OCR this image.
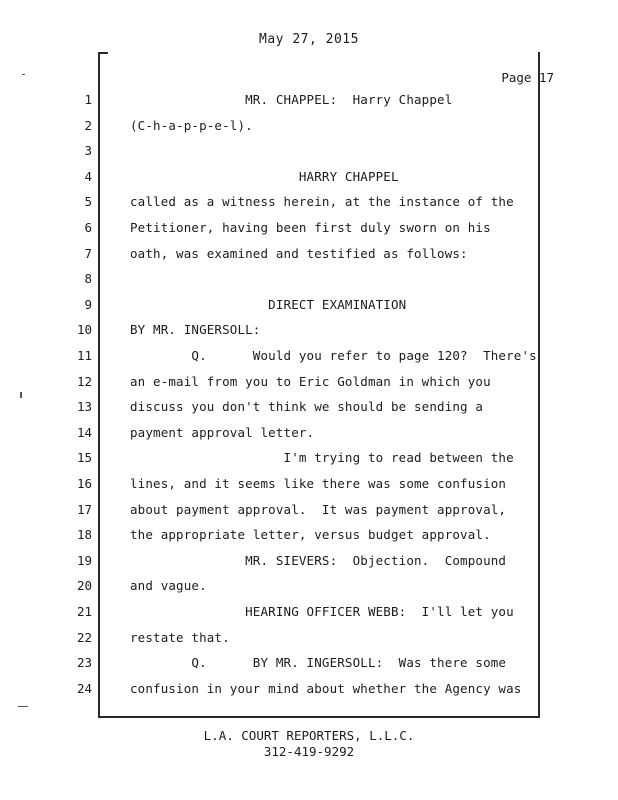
May 27, 2015
Page 17
1	MR. CHAPPEL:  Harry Chappel
2	(C-h-a-p-p-e-l).
3
4	HARRY CHAPPEL
5	called as a witness herein, at the instance of the
6	Petitioner, having been first duly sworn on his
7	oath, was examined and testified as follows:
8
9	DIRECT EXAMINATION
10	BY MR. INGERSOLL:
11	Q.      Would you refer to page 120?  There's
12	an e-mail from you to Eric Goldman in which you
13	discuss you don't think we should be sending a
14	payment approval letter.
15	I'm trying to read between the
16	lines, and it seems like there was some confusion
17	about payment approval.  It was payment approval,
18	the appropriate letter, versus budget approval.
19	MR. SIEVERS:  Objection.  Compound
20	and vague.
21	HEARING OFFICER WEBB:  I'll let you
22	restate that.
23	Q.      BY MR. INGERSOLL:  Was there some
24	confusion in your mind about whether the Agency was
L.A. COURT REPORTERS, L.L.C.
312-419-9292
